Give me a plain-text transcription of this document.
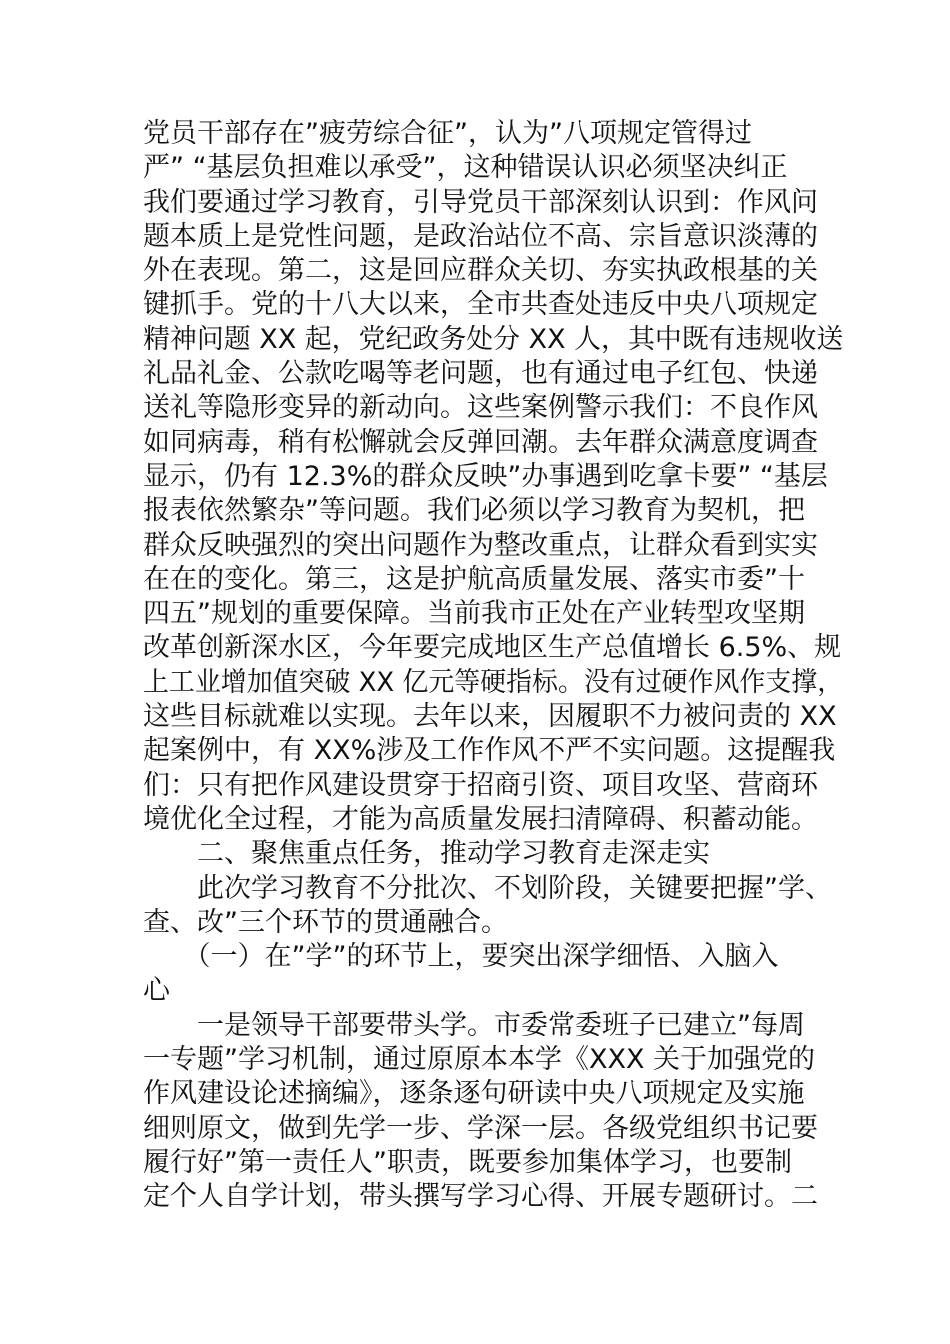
党员干部存在”疲劳综合征”，认为”八项规定管得过
严” “基层负担难以承受”，这种错误认识必须坚决纠正
我们要通过学习教育，引导党员干部深刻认识到：作风问
题本质上是党性问题，是政治站位不高、宗旨意识淡薄的
外在表现。第二，这是回应群众关切、夯实执政根基的关
键抓手。党的十八大以来，全市共查处违反中央八项规定
精神问题 XX 起，党纪政务处分 XX 人，其中既有违规收送
礼品礼金、公款吃喝等老问题，也有通过电子红包、快递
送礼等隐形变异的新动向。这些案例警示我们：不良作风
如同病毒，稍有松懈就会反弹回潮。去年群众满意度调查
显示，仍有 12.3%的群众反映”办事遇到吃拿卡要” “基层
报表依然繁杂”等问题。我们必须以学习教育为契机，把
群众反映强烈的突出问题作为整改重点，让群众看到实实
在在的变化。第三，这是护航高质量发展、落实市委”十
四五”规划的重要保障。当前我市正处在产业转型攻坚期
改革创新深水区，今年要完成地区生产总值增长 6.5%、规
上工业增加值突破 XX 亿元等硬指标。没有过硬作风作支撑，
这些目标就难以实现。去年以来，因履职不力被问责的 XX
起案例中，有 XX%涉及工作作风不严不实问题。这提醒我
们：只有把作风建设贯穿于招商引资、项目攻坚、营商环
境优化全过程，才能为高质量发展扫清障碍、积蓄动能。
　　二、聚焦重点任务，推动学习教育走深走实
　　此次学习教育不分批次、不划阶段，关键要把握”学、
查、改”三个环节的贯通融合。
　　（一）在”学”的环节上，要突出深学细悟、入脑入
心
　　一是领导干部要带头学。市委常委班子已建立”每周
一专题”学习机制，通过原原本本学《XXX 关于加强党的
作风建设论述摘编》，逐条逐句研读中央八项规定及实施
细则原文，做到先学一步、学深一层。各级党组织书记要
履行好”第一责任人”职责，既要参加集体学习，也要制
定个人自学计划，带头撰写学习心得、开展专题研讨。二
